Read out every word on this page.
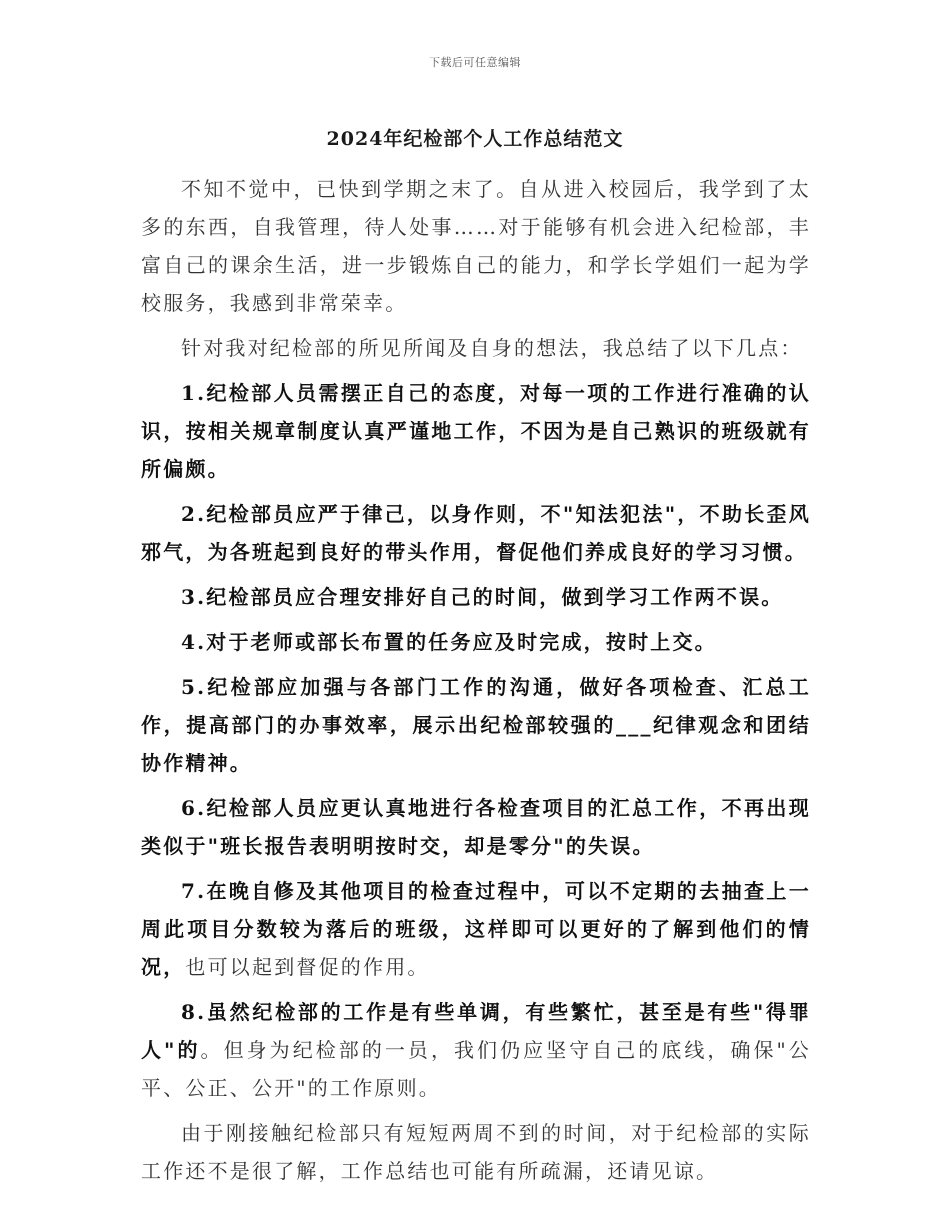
下载后可任意编辑
2024年纪检部个人工作总结范文

不知不觉中，已快到学期之末了。自从进入校园后，我学到了太多的东西，自我管理，待人处事……对于能够有机会进入纪检部，丰富自己的课余生活，进一步锻炼自己的能力，和学长学姐们一起为学校服务，我感到非常荣幸。

针对我对纪检部的所见所闻及自身的想法，我总结了以下几点：

1.纪检部人员需摆正自己的态度，对每一项的工作进行准确的认识，按相关规章制度认真严谨地工作，不因为是自己熟识的班级就有所偏颇。

2.纪检部员应严于律己，以身作则，不"知法犯法"，不助长歪风邪气，为各班起到良好的带头作用，督促他们养成良好的学习习惯。

3.纪检部员应合理安排好自己的时间，做到学习工作两不误。

4.对于老师或部长布置的任务应及时完成，按时上交。

5.纪检部应加强与各部门工作的沟通，做好各项检查、汇总工作，提高部门的办事效率，展示出纪检部较强的___纪律观念和团结协作精神。

6.纪检部人员应更认真地进行各检查项目的汇总工作，不再出现类似于"班长报告表明明按时交，却是零分"的失误。

7.在晚自修及其他项目的检查过程中，可以不定期的去抽查上一周此项目分数较为落后的班级，这样即可以更好的了解到他们的情况，也可以起到督促的作用。

8.虽然纪检部的工作是有些单调，有些繁忙，甚至是有些"得罪人"的。但身为纪检部的一员，我们仍应坚守自己的底线，确保"公平、公正、公开"的工作原则。

由于刚接触纪检部只有短短两周不到的时间，对于纪检部的实际工作还不是很了解，工作总结也可能有所疏漏，还请见谅。
